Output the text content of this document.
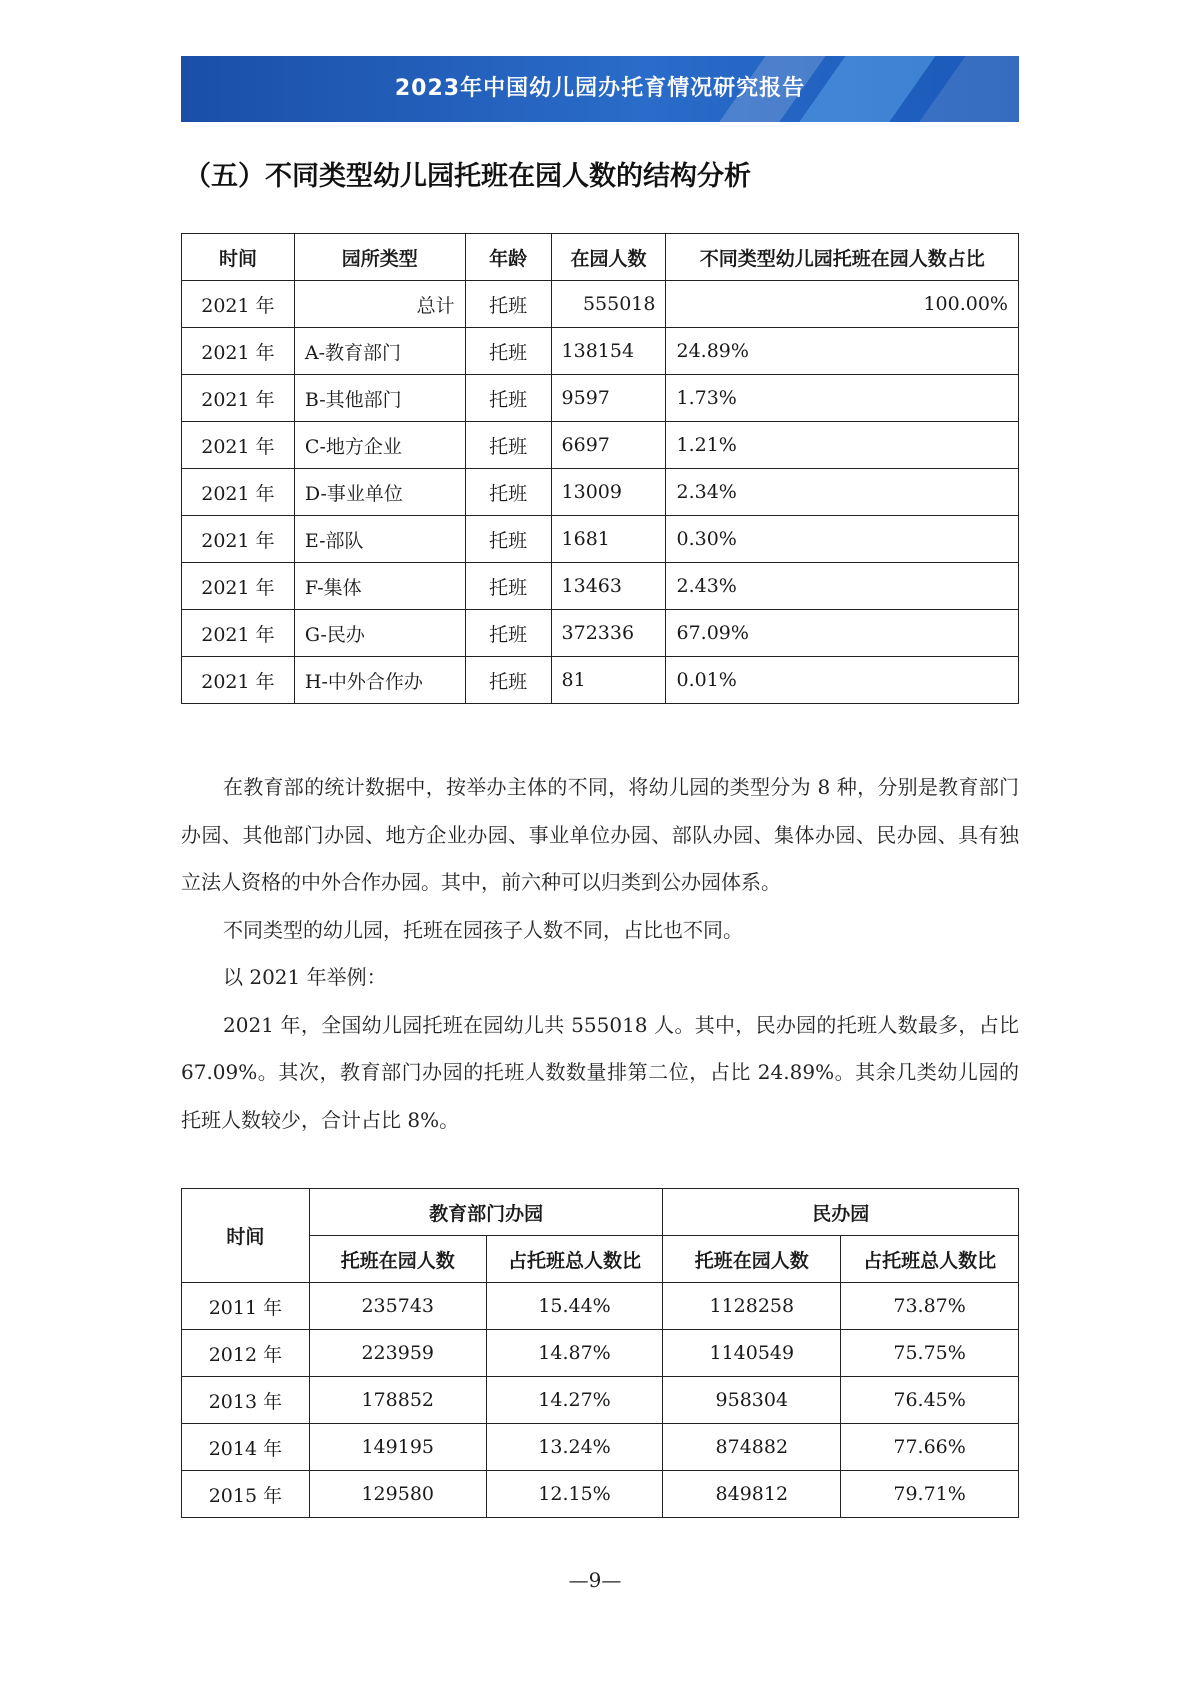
2023年中国幼儿园办托育情况研究报告
（五）不同类型幼儿园托班在园人数的结构分析
时间	园所类型	年龄	在园人数	不同类型幼儿园托班在园人数占比
2021 年	总计	托班	555018	100.00%
2021 年	A-教育部门	托班	138154	24.89%
2021 年	B-其他部门	托班	9597	1.73%
2021 年	C-地方企业	托班	6697	1.21%
2021 年	D-事业单位	托班	13009	2.34%
2021 年	E-部队	托班	1681	0.30%
2021 年	F-集体	托班	13463	2.43%
2021 年	G-民办	托班	372336	67.09%
2021 年	H-中外合作办	托班	81	0.01%

在教育部的统计数据中，按举办主体的不同，将幼儿园的类型分为 8 种，分别是教育部门办园、其他部门办园、地方企业办园、事业单位办园、部队办园、集体办园、民办园、具有独立法人资格的中外合作办园。其中，前六种可以归类到公办园体系。

不同类型的幼儿园，托班在园孩子人数不同，占比也不同。

以 2021 年举例：

2021 年，全国幼儿园托班在园幼儿共 555018 人。其中，民办园的托班人数最多，占比 67.09%。其次，教育部门办园的托班人数数量排第二位，占比 24.89%。其余几类幼儿园的托班人数较少，合计占比 8%。

时间	教育部门办园		民办园	
	托班在园人数	占托班总人数比	托班在园人数	占托班总人数比
2011 年	235743	15.44%	1128258	73.87%
2012 年	223959	14.87%	1140549	75.75%
2013 年	178852	14.27%	958304	76.45%
2014 年	149195	13.24%	874882	77.66%
2015 年	129580	12.15%	849812	79.71%
—9—
